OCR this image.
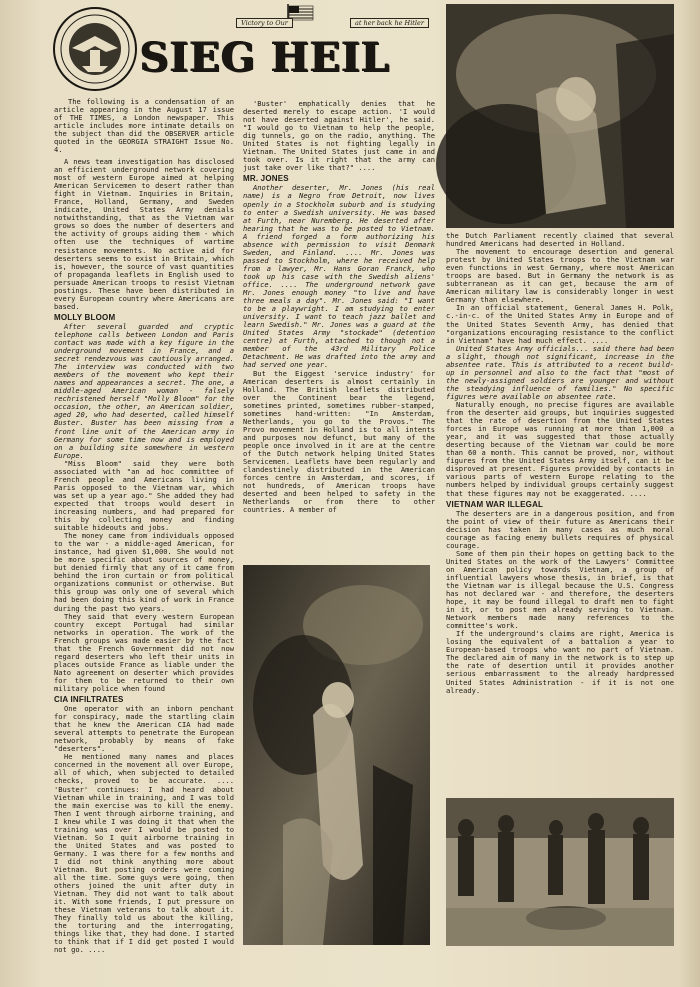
Victory to Our	at her back he Hitler
SIEG HEIL

The following is a condensation of an article appearing in the August 17 issue of THE TIMES, a London newspaper. This article includes more intimate details on the subject than did the OBSERVER article quoted in the GEORGIA STRAIGHT Issue No. 4.

A news team investigation has disclosed an efficient underground network covering most of western Europe aimed at helping American Servicemen to desert rather than fight in Vietnam. Inquiries in Britain, France, Holland, Germany, and Sweden indicate, United States Army denials notwithstanding, that as the Vietnam war grows so does the number of deserters and the activity of groups aiding them - which often use the techniques of wartime resistance movements. No active aid for deserters seems to exist in Britain, which is, however, the source of vast quantities of propaganda leaflets in English used to persuade American troops to resist Vietnam postings. These have been distributed in every European country where Americans are based.

MOLLY BLOOM

After several guarded and cryptic telephone calls between London and Paris contact was made with a key figure in the underground movement in France, and a secret rendezvous was cautiously arranged. The interview was conducted with two members of the movement who kept their names and appearances a secret. The one, a middle-aged American woman - falsely rechristened herself "Molly Bloom" for the occasion, the other, an American soldier, aged 20, who had deserted, called himself Buster. Buster has been missing from a front line unit of the American army in Germany for some time now and is employed on a building site somewhere in western Europe.

"Miss Bloom" said they were both associated with "an ad hoc committee of French people and Americans living in Paris opposed to the Vietnam war, which was set up a year ago." She added they had expected that troops would desert in increasing numbers, and had prepared for this by collecting money and finding suitable hideouts and jobs.

The money came from individuals opposed to the war - a middle-aged American, for instance, had given $1,000. She would not be more specific about sources of money, but denied firmly that any of it came from behind the iron curtain or from political organizations communist or otherwise. But this group was only one of several which had been doing this kind of work in France during the past two years.

They said that every western European country except Portugal had similar networks in operation. The work of the French groups was made easier by the fact that the French Government did not now regard deserters who left their units in places outside France as liable under the Nato agreement on deserter which provides for them to be returned to their own military police when found

CIA INFILTRATES

One operator with an inborn penchant for conspiracy, made the startling claim that he knew the American CIA had made several attempts to penetrate the European network, probably by means of fake "deserters".

He mentioned many names and places concerned in the movement all over Europe, all of which, when subjected to detailed checks, proved to be accurate. .... 'Buster' continues: I had heard about Vietnam while in training, and I was told the main exercise was to kill the enemy. Then I went through airborne training, and I knew while I was doing it that when the training was over I would be posted to Vietnam. So I quit airborne training in the United States and was posted to Germany. I was there for a few months and I did not think anything more about Vietnam. But posting orders were coming all the time. Some guys were going, then others joined the unit after duty in Vietnam. They did not want to talk about it. With some friends, I put pressure on these Vietnam veterans to talk about it. They finally told us about the killing, the torturing and the interrogating, things like that, they had done. I started to think that if I did get posted I would not go. ....

'Buster' emphatically denies that he deserted merely to escape action. 'I would not have deserted against Hitler', he said. "I would go to Vietnam to help the people, dig tunnels, go on the radio, anything. The United States is not fighting legally in Vietnam. The United States just came in and took over. Is it right that the army can just take over like that?" ....

MR. JONES

Another deserter, Mr. Jones (his real name) is a Negro from Detroit, now lives openly in a Stockholm suburb and is studying to enter a Swedish university. He was based at Furth, near Nuremberg. He deserted after hearing that he was to be posted to Vietnam. A friend forged a form authorizing his absence with permission to visit Denmark Sweden, and Finland. .... Mr. Jones was passed to Stockholm, where he received help from a lawyer, Mr. Hans Goran Franck, who took up his case with the Swedish aliens' office. .... The underground network gave Mr. Jones enough money "to live and have three meals a day". Mr. Jones said: "I want to be a playwright. I am studying to enter university. I want to teach jazz ballet and learn Swedish." Mr. Jones was a guard at the United States Army "stockade" (detention centre) at Furth, attached to though not a member of the 43rd Military Police Detachment. He was drafted into the army and had served one year.

But the Eiggest 'service industry' for American deserters is almost certainly in Holland. The British leaflets distributed over the Continent bear the legend, sometimes printed, sometimes rubber-stamped, sometimes hand-written: "In Amsterdam, Netherlands, you go to the Provos." The Provo movement in Holland is to all intents and purposes now defunct, but many of the people once involved in it are at the centre of the Dutch network helping United States Servicemen. Leaflets have been regularly and clandestinely distributed in the American forces centre in Amsterdam, and scores, if not hundreds, of American troops have deserted and been helped to safety in the Netherlands or from there to other countries. A member of

the Dutch Parliament recently claimed that several hundred Americans had deserted in Holland.

The movement to encourage desertion and general protest by United States troops to the Vietnam war even functions in west Germany, where most American troops are based. But in Germany the network is as subterranean as it can get, because the arm of American military law is considerably longer in west Germany than elsewhere.

In an official statement, General James H. Polk, c.-in-c. of the United States Army in Europe and of the United States Seventh Army, has denied that "organizations encouraging resistance to the conflict in Vietnam" have had much effect. ....

United States Army officials... said there had been a slight, though not significant, increase in the absentee rate. This is attributed to a recent build-up in personnel and also to the fact that "most of the newly-assigned soldiers are younger and without the steadying influence of families." No specific figures were available on absentee rate.

Naturally enough, no precise figures are available from the deserter aid groups, but inquiries suggested that the rate of desertion from the United States forces in Europe was running at more than 1,000 a year, and it was suggested that those actually deserting because of the Vietnam war could be more than 60 a month. This cannot be proved, nor, without figures from the United States Army itself, can it be disproved at present. Figures provided by contacts in various parts of western Europe relating to the numbers helped by individual groups certainly suggest that these figures may not be exaggerated. ....

VIETNAM WAR ILLEGAL

The deserters are in a dangerous position, and from the point of view of their future as Americans their decision has taken in many cases as much moral courage as facing enemy bullets requires of physical courage.

Some of them pin their hopes on getting back to the United States on the work of the Lawyers' Committee on American policy towards Vietnam, a group of influential lawyers whose thesis, in brief, is that the Vietnam war is illegal because the U.S. Congress has not declared war - and therefore, the deserters hope, it may be found illegal to draft men to fight in it, or to post men already serving to Vietnam. Network members made many references to the committee's work.

If the underground's claims are right, America is losing the equivalent of a battalion a year to European-based troops who want no part of Vietnam. The declared aim of many in the network is to step up the rate of desertion until it provides another serious embarrassment to the already hardpressed United States Administration - if it is not one already.
